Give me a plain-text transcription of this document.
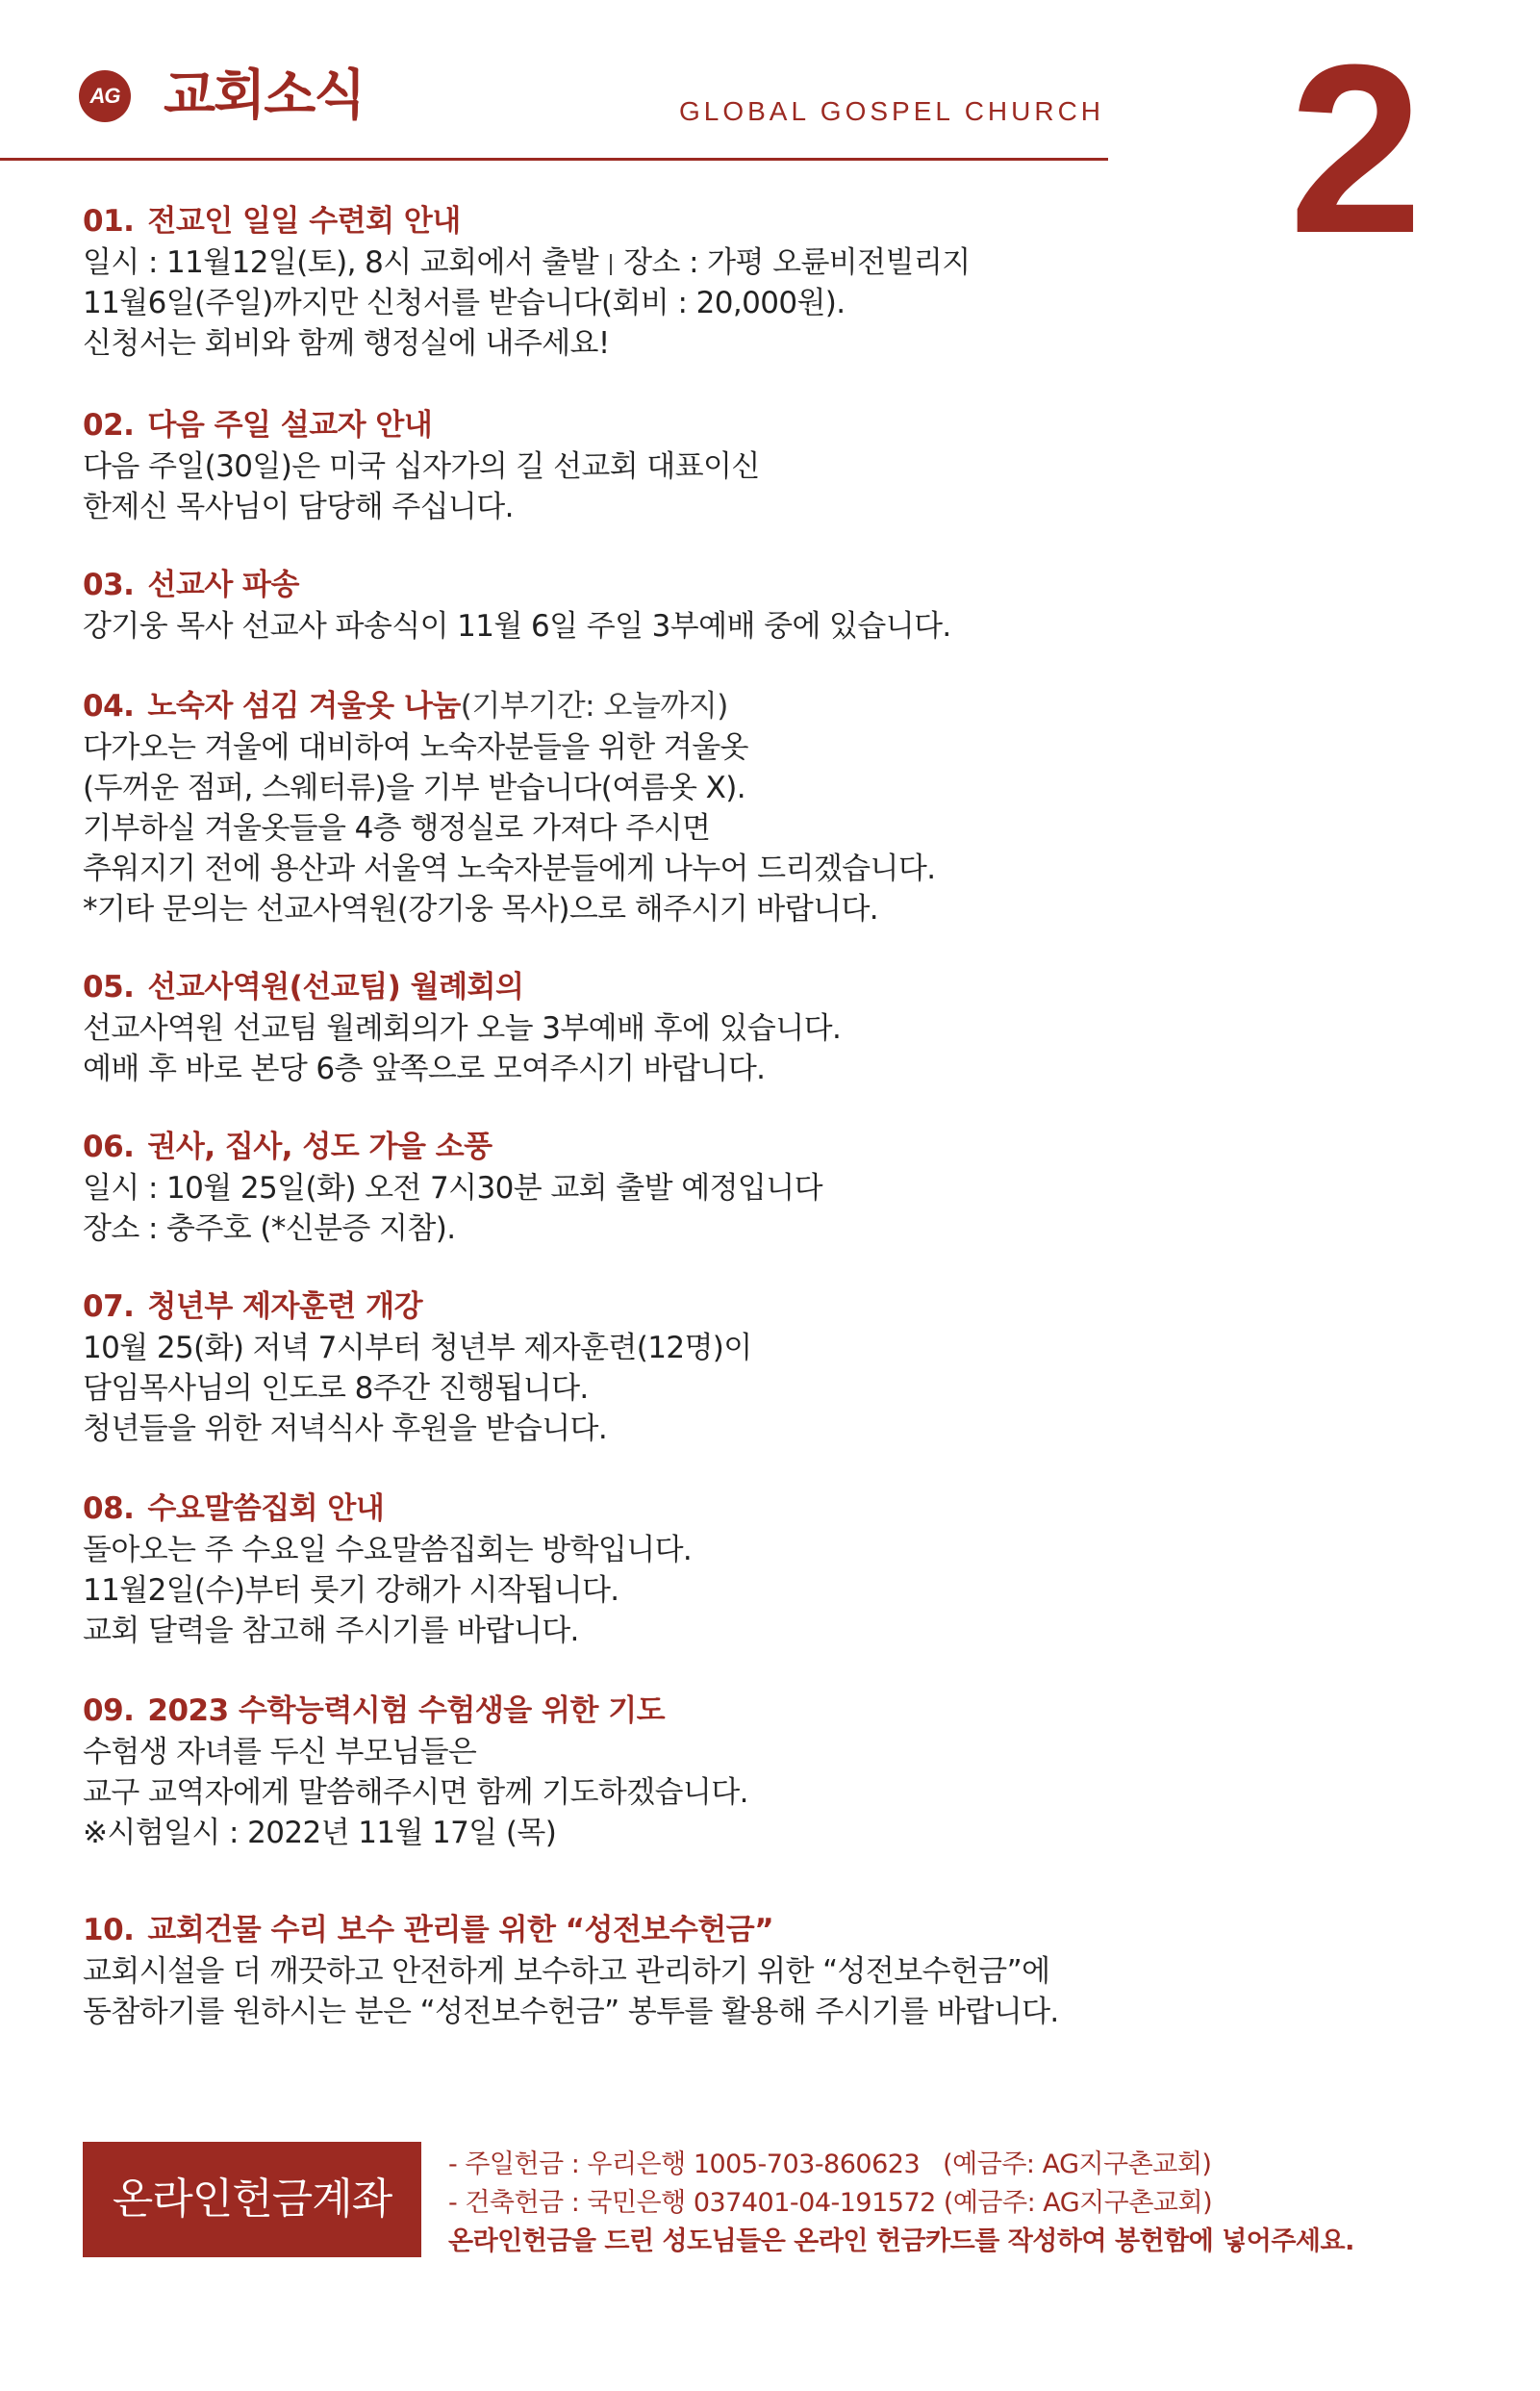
AG 교회소식	GLOBAL GOSPEL CHURCH 2
01. 전교인 일일 수련회 안내
일시 : 11월12일(토), 8시 교회에서 출발 장소 : 가평 오륜비전빌리지
11월6일(주일)까지만 신청서를 받습니다(회비 : 20,000원).
신청서는 회비와 함께 행정실에 내주세요!
02. 다음 주일 설교자 안내
다음 주일(30일)은 미국 십자가의 길 선교회 대표이신
한제신 목사님이 담당해 주십니다.
03. 선교사 파송
강기웅 목사 선교사 파송식이 11월 6일 주일 3부예배 중에 있습니다.
04. 노숙자 섬김 겨울옷 나눔(기부기간: 오늘까지)
다가오는 겨울에 대비하여 노숙자분들을 위한 겨울옷
(두꺼운 점퍼, 스웨터류)을 기부 받습니다(여름옷 X).
기부하실 겨울옷들을 4층 행정실로 가져다 주시면
추워지기 전에 용산과 서울역 노숙자분들에게 나누어 드리겠습니다.
*기타 문의는 선교사역원(강기웅 목사)으로 해주시기 바랍니다.
05. 선교사역원(선교팀) 월례회의
선교사역원 선교팀 월례회의가 오늘 3부예배 후에 있습니다.
예배 후 바로 본당 6층 앞쪽으로 모여주시기 바랍니다.
06. 권사, 집사, 성도 가을 소풍
일시 : 10월 25일(화) 오전 7시30분 교회 출발 예정입니다
장소 : 충주호 (*신분증 지참).
07. 청년부 제자훈련 개강
10월 25(화) 저녁 7시부터 청년부 제자훈련(12명)이
담임목사님의 인도로 8주간 진행됩니다.
청년들을 위한 저녁식사 후원을 받습니다.
08. 수요말씀집회 안내
돌아오는 주 수요일 수요말씀집회는 방학입니다.
11월2일(수)부터 룻기 강해가 시작됩니다.
교회 달력을 참고해 주시기를 바랍니다.
09. 2023 수학능력시험 수험생을 위한 기도
수험생 자녀를 두신 부모님들은
교구 교역자에게 말씀해주시면 함께 기도하겠습니다.
※시험일시 : 2022년 11월 17일 (목)
10. 교회건물 수리 보수 관리를 위한 “성전보수헌금”
교회시설을 더 깨끗하고 안전하게 보수하고 관리하기 위한 “성전보수헌금”에
동참하기를 원하시는 분은 “성전보수헌금” 봉투를 활용해 주시기를 바랍니다.
온라인헌금계좌
- 주일헌금 : 우리은행 1005-703-860623 (예금주: AG지구촌교회)
- 건축헌금 : 국민은행 037401-04-191572 (예금주: AG지구촌교회)
온라인헌금을 드린 성도님들은 온라인 헌금카드를 작성하여 봉헌함에 넣어주세요.
